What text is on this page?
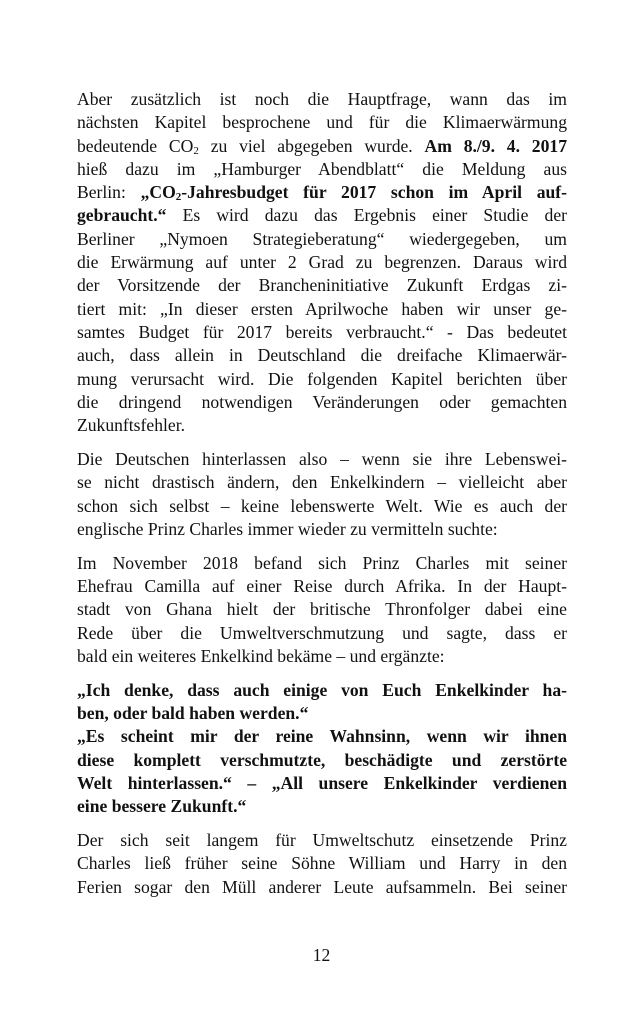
Aber zusätzlich ist noch die Hauptfrage, wann das im
nächsten Kapitel besprochene und für die Klimaerwärmung
bedeutende $CO_2$ zu viel abgegeben wurde. Am 8./9. 4. 2017
hieß dazu im „Hamburger Abendblatt“ die Meldung aus
Berlin: $„CO_2$-Jahresbudget für 2017 schon im April auf-
gebraucht.“ Es wird dazu das Ergebnis einer Studie der
Berliner „Nymoen Strategieberatung“ wiedergegeben, um
die Erwärmung auf unter 2 Grad zu begrenzen. Daraus wird
der Vorsitzende der Brancheninitiative Zukunft Erdgas zi-
tiert mit: „In dieser ersten Aprilwoche haben wir unser ge-
samtes Budget für 2017 bereits verbraucht.“ - Das bedeutet
auch, dass allein in Deutschland die dreifache Klimaerwär-
mung verursacht wird. Die folgenden Kapitel berichten über
die dringend notwendigen Veränderungen oder gemachten
Zukunftsfehler.
Die Deutschen hinterlassen also – wenn sie ihre Lebenswei-
se nicht drastisch ändern, den Enkelkindern – vielleicht aber
schon sich selbst – keine lebenswerte Welt. Wie es auch der
englische Prinz Charles immer wieder zu vermitteln suchte:
Im November 2018 befand sich Prinz Charles mit seiner
Ehefrau Camilla auf einer Reise durch Afrika. In der Haupt-
stadt von Ghana hielt der britische Thronfolger dabei eine
Rede über die Umweltverschmutzung und sagte, dass er
bald ein weiteres Enkelkind bekäme – und ergänzte:
„Ich denke, dass auch einige von Euch Enkelkinder ha-
ben, oder bald haben werden.“
„Es scheint mir der reine Wahnsinn, wenn wir ihnen
diese komplett verschmutzte, beschädigte und zerstörte
Welt hinterlassen.“ – „All unsere Enkelkinder verdienen
eine bessere Zukunft.“
Der sich seit langem für Umweltschutz einsetzende Prinz
Charles ließ früher seine Söhne William und Harry in den
Ferien sogar den Müll anderer Leute aufsammeln. Bei seiner
12
